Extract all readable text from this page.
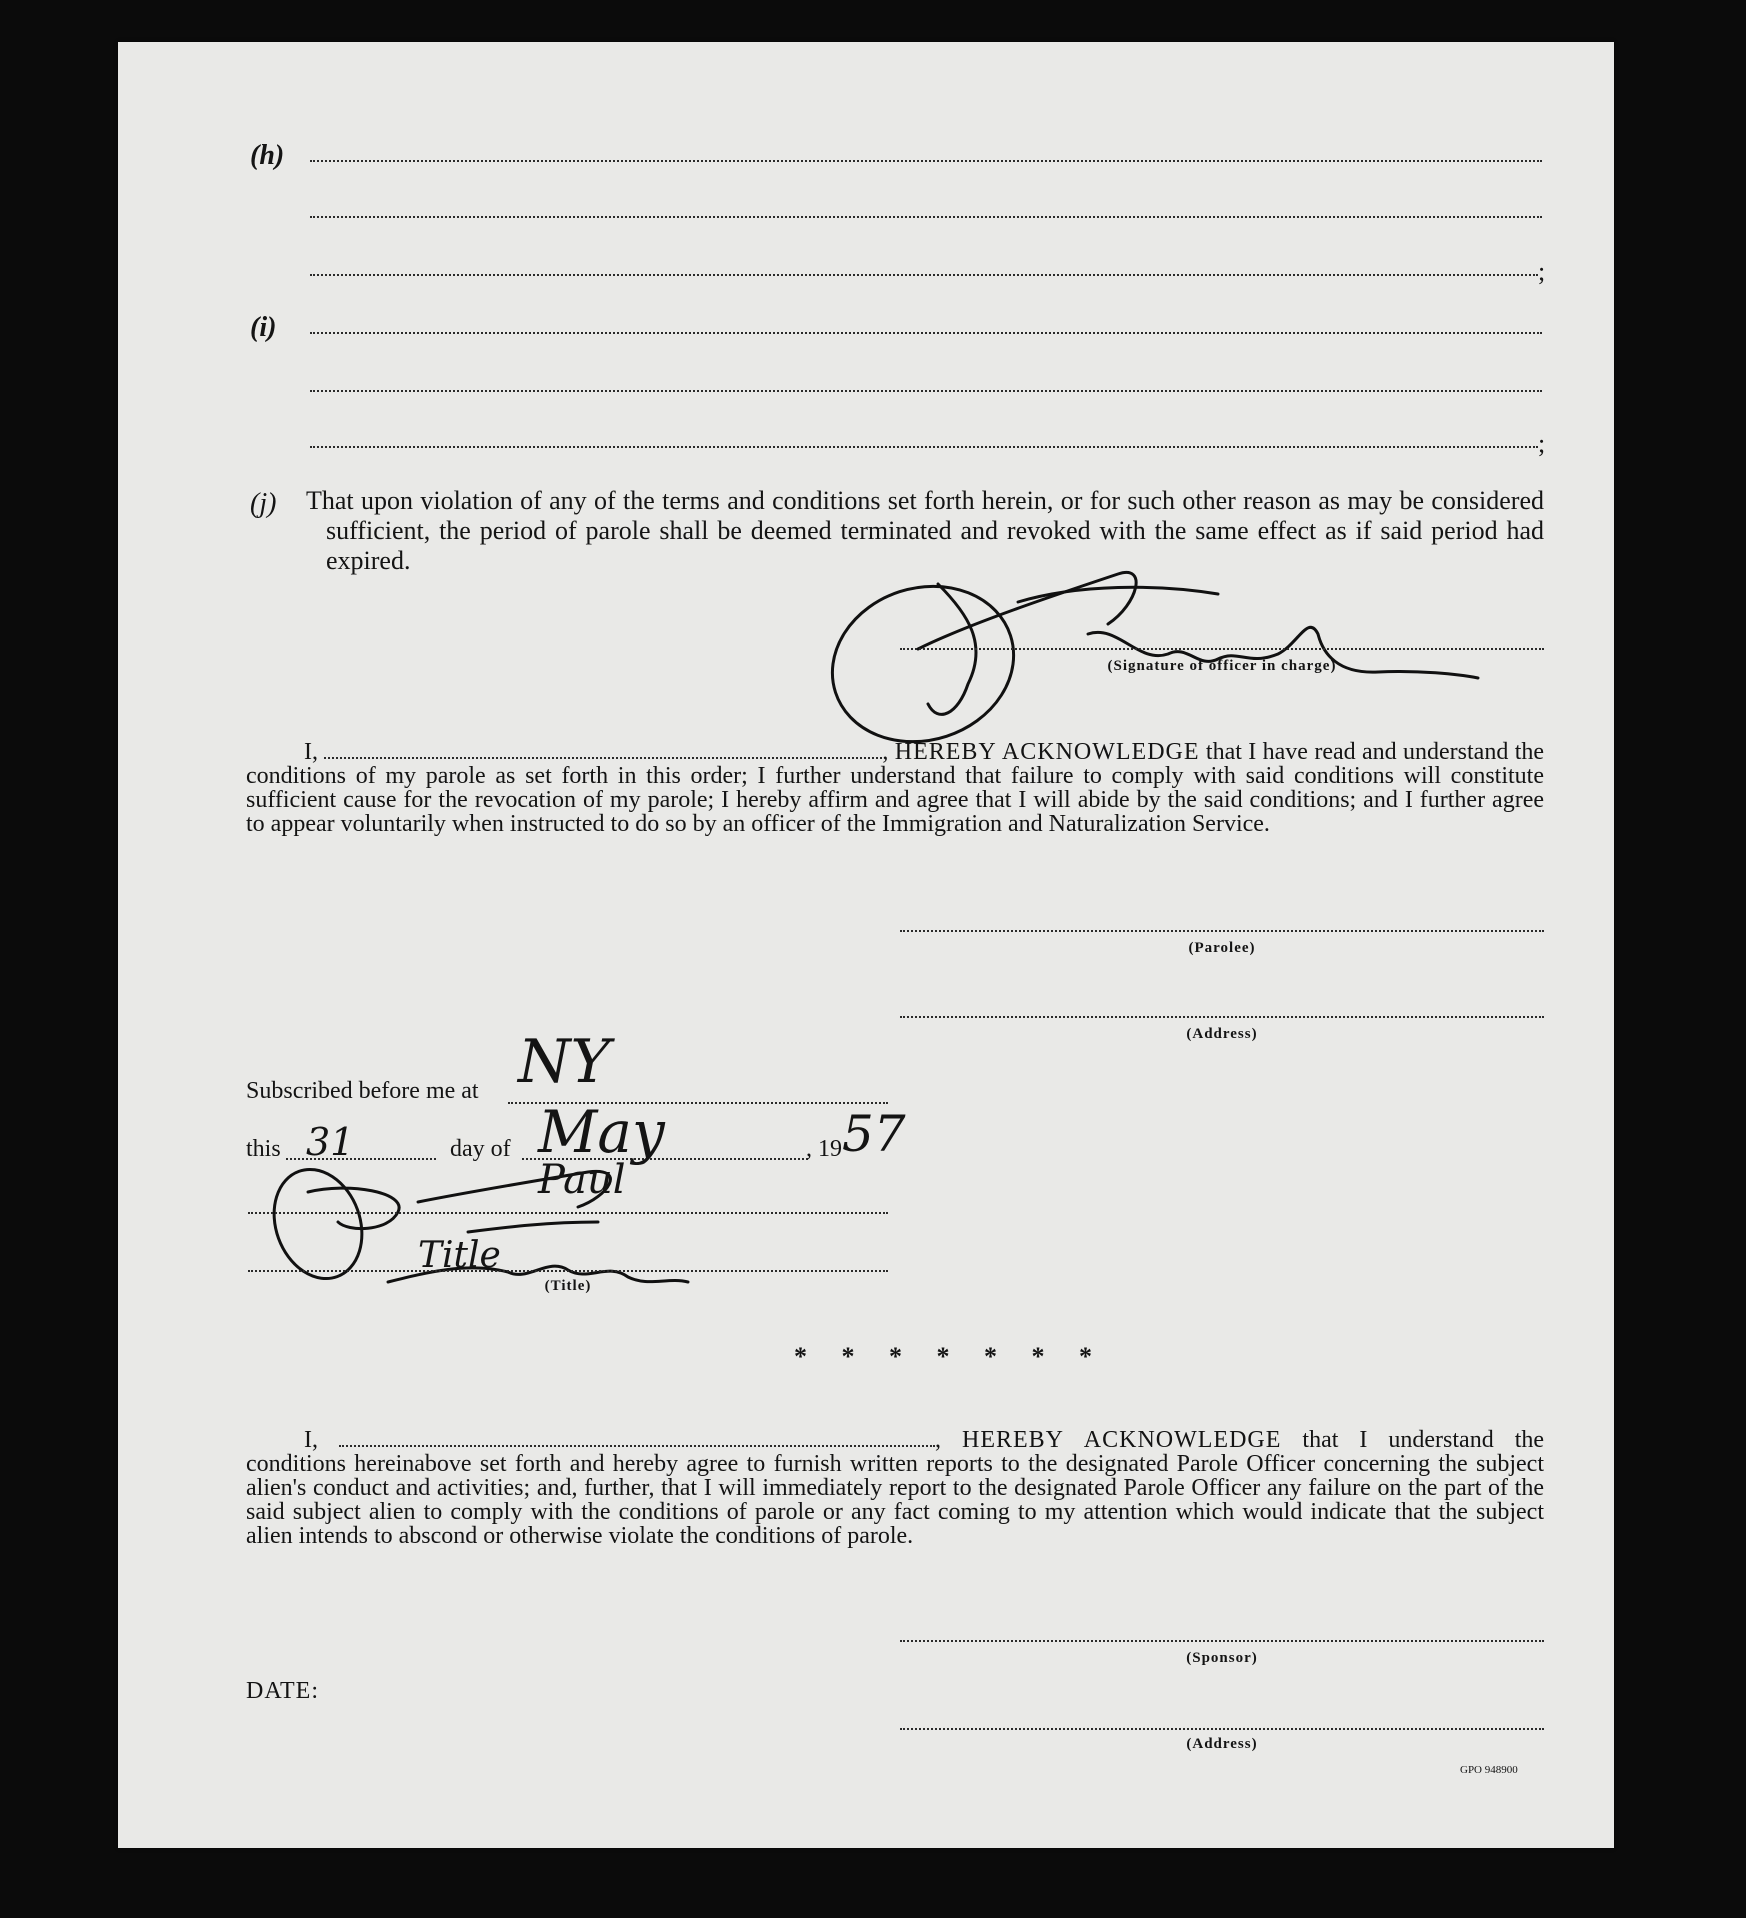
(h)
;
(i)
;
(j) That upon violation of any of the terms and conditions set forth herein, or for such other reason as may be considered sufficient, the period of parole shall be deemed terminated and revoked with the same effect as if said period had expired.
(Signature of officer in charge)
I,	, HEREBY ACKNOWLEDGE that I have read and understand the conditions of my parole as set forth in this order; I further understand that failure to comply with said conditions will constitute sufficient cause for the revocation of my parole; I hereby affirm and agree that I will abide by the said conditions; and I further agree to appear voluntarily when instructed to do so by an officer of the Immigration and Naturalization Service.
(Parolee)
(Address)
Subscribed before me at NY
this 31	day of May	, 19 57
Paul
Title
(Title)
* * * * * * *
I,	, HEREBY ACKNOWLEDGE that I understand the conditions hereinabove set forth and hereby agree to furnish written reports to the designated Parole Officer concerning the subject alien's conduct and activities; and, further, that I will immediately report to the designated Parole Officer any failure on the part of the said subject alien to comply with the conditions of parole or any fact coming to my attention which would indicate that the subject alien intends to abscond or otherwise violate the conditions of parole.
(Sponsor)
DATE:
(Address)
GPO 948900
